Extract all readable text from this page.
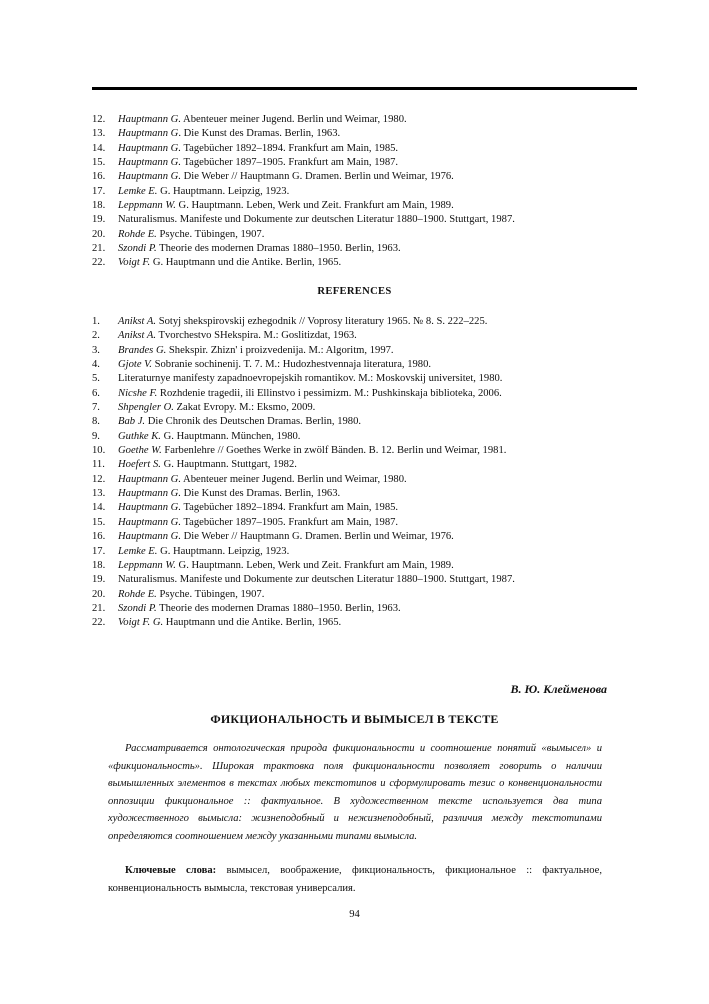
12.	Hauptmann G. Abenteuer meiner Jugend. Berlin und Weimar, 1980.
13.	Hauptmann G. Die Kunst des Dramas. Berlin, 1963.
14.	Hauptmann G. Tagebücher 1892–1894. Frankfurt am Main, 1985.
15.	Hauptmann G. Tagebücher 1897–1905. Frankfurt am Main, 1987.
16.	Hauptmann G. Die Weber // Hauptmann G. Dramen. Berlin und Weimar, 1976.
17.	Lemke E. G. Hauptmann. Leipzig, 1923.
18.	Leppmann W. G. Hauptmann. Leben, Werk und Zeit. Frankfurt am Main, 1989.
19.	Naturalismus. Manifeste und Dokumente zur deutschen Literatur 1880–1900. Stuttgart, 1987.
20.	Rohde E. Psyche. Tübingen, 1907.
21.	Szondi P. Theorie des modernen Dramas 1880–1950. Berlin, 1963.
22.	Voigt F. G. Hauptmann und die Antike. Berlin, 1965.
REFERENCES
1.	Anikst A. Sotyj shekspirovskij ezhegodnik // Voprosy literatury 1965. № 8. S. 222–225.
2.	Anikst A. Tvorchestvo SHekspira. M.: Goslitizdat, 1963.
3.	Brandes G. Shekspir. Zhizn' i proizvedenija. M.: Algoritm, 1997.
4.	Gjote V. Sobranie sochinenij. T. 7. M.: Hudozhestvennaja literatura, 1980.
5.	Literaturnye manifesty zapadnoevropejskih romantikov. M.: Moskovskij universitet, 1980.
6.	Nicshe F. Rozhdenie tragedii, ili Ellinstvo i pessimizm. M.: Pushkinskaja biblioteka, 2006.
7.	Shpengler O. Zakat Evropy. M.: Eksmo, 2009.
8.	Bab J. Die Chronik des Deutschen Dramas. Berlin, 1980.
9.	Guthke K. G. Hauptmann. München, 1980.
10.	Goethe W. Farbenlehre // Goethes Werke in zwölf Bänden. B. 12. Berlin und Weimar, 1981.
11.	Hoefert S. G. Hauptmann. Stuttgart, 1982.
12.	Hauptmann G. Abenteuer meiner Jugend. Berlin und Weimar, 1980.
13.	Hauptmann G. Die Kunst des Dramas. Berlin, 1963.
14.	Hauptmann G. Tagebücher 1892–1894. Frankfurt am Main, 1985.
15.	Hauptmann G. Tagebücher 1897–1905. Frankfurt am Main, 1987.
16.	Hauptmann G. Die Weber // Hauptmann G. Dramen. Berlin und Weimar, 1976.
17.	Lemke E. G. Hauptmann. Leipzig, 1923.
18.	Leppmann W. G. Hauptmann. Leben, Werk und Zeit. Frankfurt am Main, 1989.
19.	Naturalismus. Manifeste und Dokumente zur deutschen Literatur 1880–1900. Stuttgart, 1987.
20.	Rohde E. Psyche. Tübingen, 1907.
21.	Szondi P. Theorie des modernen Dramas 1880–1950. Berlin, 1963.
22.	Voigt F. G. Hauptmann und die Antike. Berlin, 1965.
В. Ю. Клейменова
ФИКЦИОНАЛЬНОСТЬ И ВЫМЫСЕЛ В ТЕКСТЕ

Рассматривается онтологическая природа фикциональности и соотношение понятий «вымысел» и «фикциональность». Широкая трактовка поля фикциональности позволяет говорить о наличии вымышленных элементов в текстах любых текстотипов и сформулировать тезис о конвенциональности оппозиции фикциональное :: фактуальное. В художественном тексте используется два типа художественного вымысла: жизнеподобный и нежизнеподобный, различия между текстотипами определяются соотношением между указанными типами вымысла.

Ключевые слова: вымысел, воображение, фикциональность, фикциональное :: фактуальное, конвенциональность вымысла, текстовая универсалия.

94
